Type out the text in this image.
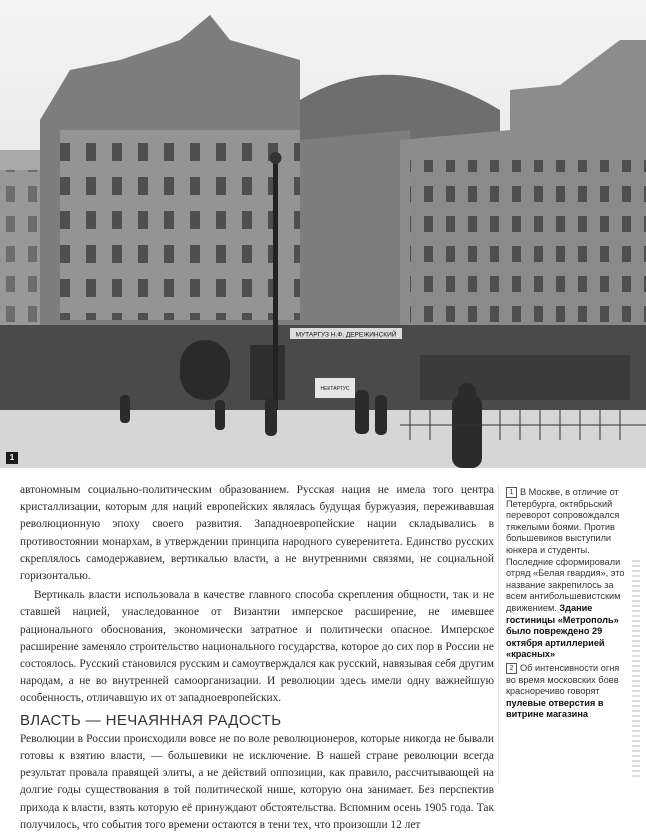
МУТАРГУЗ Н.Ф. ДЕРЕЖИНСКИЙ
НЕКТАРТУС
1

автономным социально-политическим образованием. Русская нация не имела того центра кристаллизации, которым для наций европейских являлась будущая буржуазия, переживавшая революционную эпоху своего развития. Западноевропейские нации складывались в противостоянии монархам, в утверждении принципа народного суверенитета. Единство русских скреплялось самодержавием, вертикалью власти, а не внутренними связями, не социальной горизонталью.

Вертикаль власти использовала в качестве главного способа скрепления общности, так и не ставшей нацией, унаследованное от Византии имперское расширение, не имевшее рационального обоснования, экономически затратное и политически опасное. Имперское расширение заменяло строительство национального государства, которое до сих пор в России не состоялось. Русский становился русским и самоутверждался как русский, навязывая себя другим народам, а не во внутренней самоорганизации. И революции здесь имели одну важнейшую особенность, отличавшую их от западноевропейских.

ВЛАСТЬ — НЕЧАЯННАЯ РАДОСТЬ

Революции в России происходили вовсе не по воле революционеров, которые никогда не бывали готовы к взятию власти, — большевики не исключение. В нашей стране революции всегда результат провала правящей элиты, а не действий оппозиции, как правило, рассчитывающей на долгие годы существования в той политической нише, которую она занимает. Без перспектив прихода к власти, взять которую её принуждают обстоятельства. Вспомним осень 1905 года. Так получилось, что события того времени остаются в тени тех, что произошли 12 лет

1 В Москве, в отличие от Петербурга, октябрьский переворот сопровождался тяжелыми боями. Против большевиков выступили юнкера и студенты. Последние сформировали отряд «Белая гвардия», это название закрепилось за всем антибольшевистским движением. Здание гостиницы «Метрополь» было повреждено 29 октября артиллерией «красных»
2 Об интенсивности огня во время московских боев красноречиво говорят пулевые отверстия в витрине магазина
